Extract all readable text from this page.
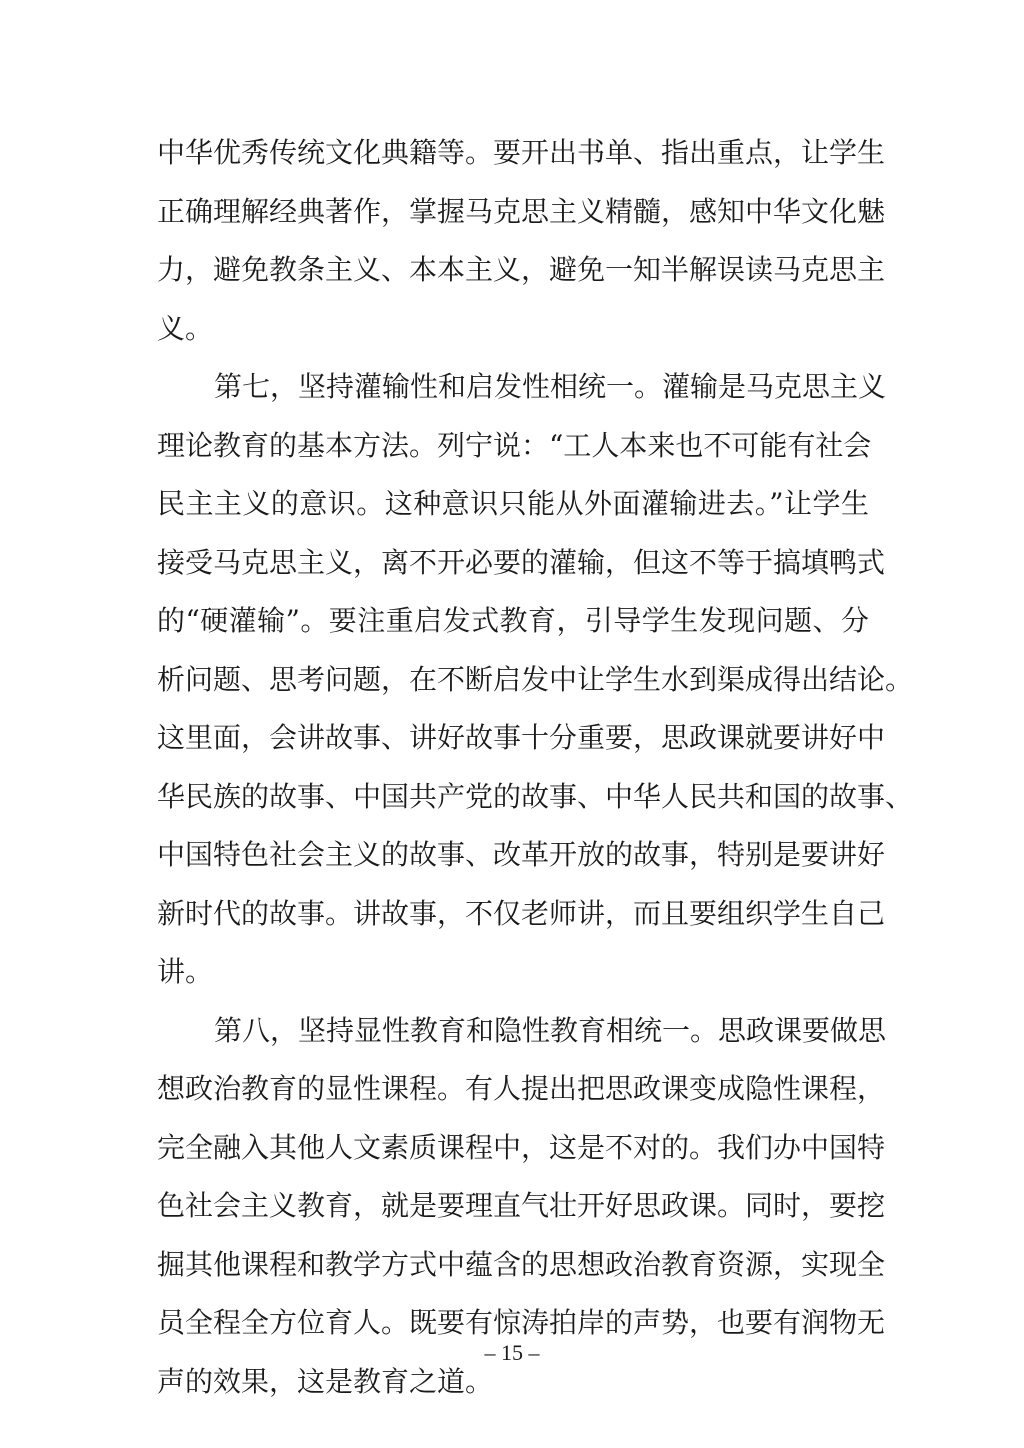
中华优秀传统文化典籍等。要开出书单、指出重点，让学生
正确理解经典著作，掌握马克思主义精髓，感知中华文化魅
力，避免教条主义、本本主义，避免一知半解误读马克思主
义。
第七，坚持灌输性和启发性相统一。灌输是马克思主义
理论教育的基本方法。列宁说：“工人本来也不可能有社会
民主主义的意识。这种意识只能从外面灌输进去。”让学生
接受马克思主义，离不开必要的灌输，但这不等于搞填鸭式
的“硬灌输”。要注重启发式教育，引导学生发现问题、分
析问题、思考问题，在不断启发中让学生水到渠成得出结论。
这里面，会讲故事、讲好故事十分重要，思政课就要讲好中
华民族的故事、中国共产党的故事、中华人民共和国的故事、
中国特色社会主义的故事、改革开放的故事，特别是要讲好
新时代的故事。讲故事，不仅老师讲，而且要组织学生自己
讲。
第八，坚持显性教育和隐性教育相统一。思政课要做思
想政治教育的显性课程。有人提出把思政课变成隐性课程，
完全融入其他人文素质课程中，这是不对的。我们办中国特
色社会主义教育，就是要理直气壮开好思政课。同时，要挖
掘其他课程和教学方式中蕴含的思想政治教育资源，实现全
员全程全方位育人。既要有惊涛拍岸的声势，也要有润物无
声的效果，这是教育之道。
– 15 –
